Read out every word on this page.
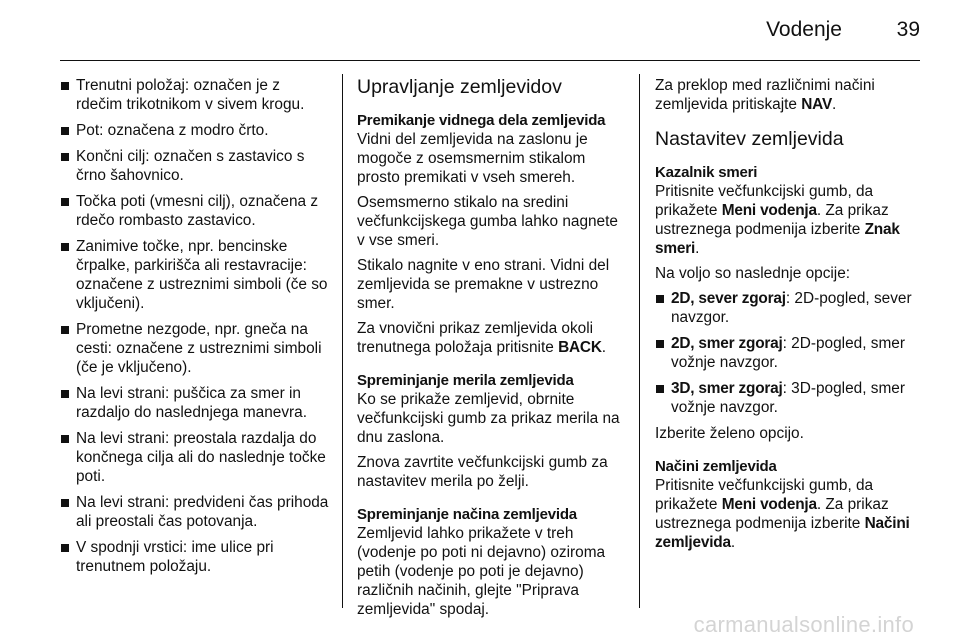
Vodenje	39
Trenutni položaj: označen je z rdečim trikotnikom v sivem krogu.
Pot: označena z modro črto.
Končni cilj: označen s zastavico s črno šahovnico.
Točka poti (vmesni cilj), označena z rdečo rombasto zastavico.
Zanimive točke, npr. bencinske črpalke, parkirišča ali restavracije: označene z ustreznimi simboli (če so vključeni).
Prometne nezgode, npr. gneča na cesti: označene z ustreznimi simboli (če je vključeno).
Na levi strani: puščica za smer in razdaljo do naslednjega manevra.
Na levi strani: preostala razdalja do končnega cilja ali do naslednje točke poti.
Na levi strani: predvideni čas prihoda ali preostali čas potovanja.
V spodnji vrstici: ime ulice pri trenutnem položaju.
Upravljanje zemljevidov
Premikanje vidnega dela zemljevida

Vidni del zemljevida na zaslonu je mogoče z osemsmernim stikalom prosto premikati v vseh smereh.

Osemsmerno stikalo na sredini večfunkcijskega gumba lahko nagnete v vse smeri.

Stikalo nagnite v eno strani. Vidni del zemljevida se premakne v ustrezno smer.

Za vnovični prikaz zemljevida okoli trenutnega položaja pritisnite BACK.

Spreminjanje merila zemljevida

Ko se prikaže zemljevid, obrnite večfunkcijski gumb za prikaz merila na dnu zaslona.

Znova zavrtite večfunkcijski gumb za nastavitev merila po želji.

Spreminjanje načina zemljevida

Zemljevid lahko prikažete v treh (vodenje po poti ni dejavno) oziroma petih (vodenje po poti je dejavno) različnih načinih, glejte "Priprava zemljevida" spodaj.

Za preklop med različnimi načini zemljevida pritiskajte NAV.

Nastavitev zemljevida
Kazalnik smeri

Pritisnite večfunkcijski gumb, da prikažete Meni vodenja. Za prikaz ustreznega podmenija izberite Znak smeri.

Na voljo so naslednje opcije:

2D, sever zgoraj: 2D-pogled, sever navzgor.
2D, smer zgoraj: 2D-pogled, smer vožnje navzgor.
3D, smer zgoraj: 3D-pogled, smer vožnje navzgor.

Izberite želeno opcijo.

Načini zemljevida

Pritisnite večfunkcijski gumb, da prikažete Meni vodenja. Za prikaz ustreznega podmenija izberite Načini zemljevida.

carmanualsonline.info
